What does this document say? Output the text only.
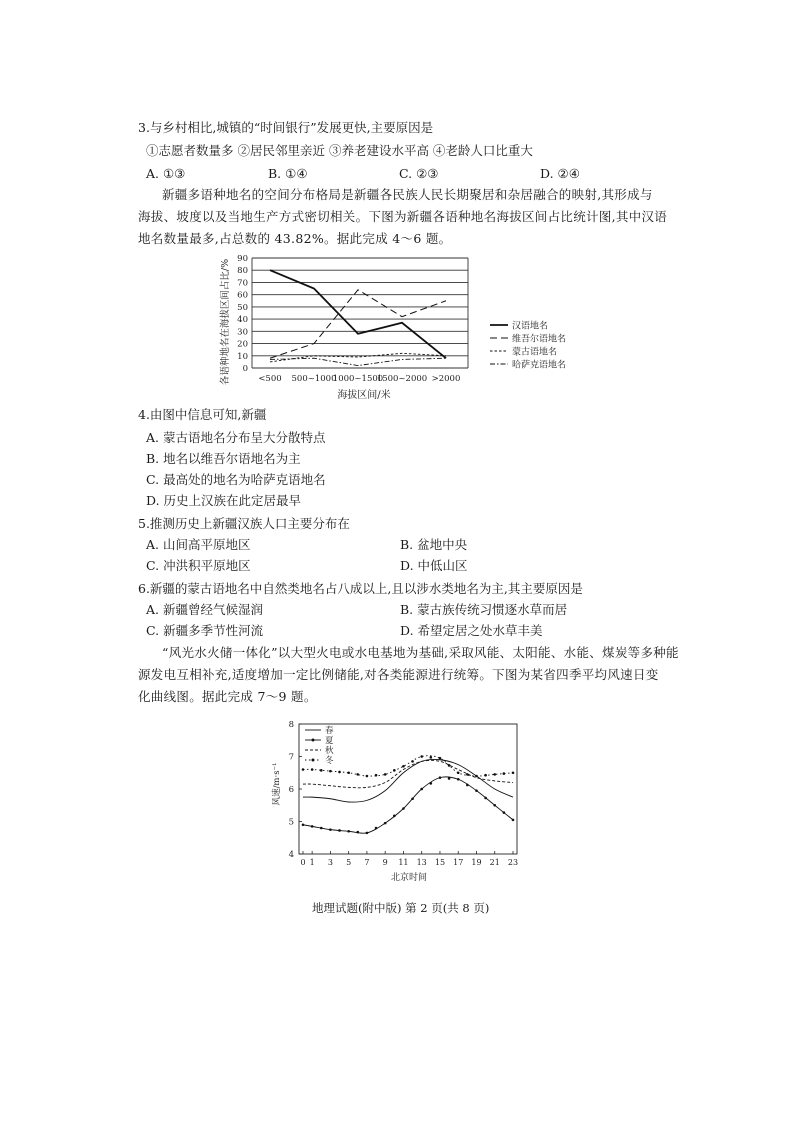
3.与乡村相比,城镇的“时间银行”发展更快,主要原因是
①志愿者数量多 ②居民邻里亲近 ③养老建设水平高 ④老龄人口比重大
A. ①③	B. ①④	C. ②③	D. ②④
新疆多语种地名的空间分布格局是新疆各民族人民长期聚居和杂居融合的映射,其形成与
海拔、坡度以及当地生产方式密切相关。下图为新疆各语种地名海拔区间占比统计图,其中汉语
地名数量最多,占总数的 43.82%。据此完成 4～6 题。
各语种地名在海拔区间占比/% 0
10
20
30
40
50
60
70
80
90
<500 500~1000
1000~1500
1500~2000 >2000
汉语地名
维吾尔语地名
蒙古语地名
哈萨克语地名
海拔区间/米
4.由图中信息可知,新疆
A. 蒙古语地名分布呈大分散特点
B. 地名以维吾尔语地名为主
C. 最高处的地名为哈萨克语地名
D. 历史上汉族在此定居最早
5.推测历史上新疆汉族人口主要分布在
A. 山间高平原地区	B. 盆地中央
C. 冲洪积平原地区	D. 中低山区
6.新疆的蒙古语地名中自然类地名占八成以上,且以涉水类地名为主,其主要原因是
A. 新疆曾经气候湿润	B. 蒙古族传统习惯逐水草而居
C. 新疆多季节性河流	D. 希望定居之处水草丰美
“风光水火储一体化”以大型火电或水电基地为基础,采取风能、太阳能、水能、煤炭等多种能
源发电互相补充,适度增加一定比例储能,对各类能源进行统筹。下图为某省四季平均风速日变
化曲线图。据此完成 7～9 题。
风速/m·s⁻¹
4
5
6
7
8
0 1 3 5 7 9 11 13 15 17 19 21 23
春
夏
秋
冬
北京时间
地理试题(附中版) 第 2 页(共 8 页)
